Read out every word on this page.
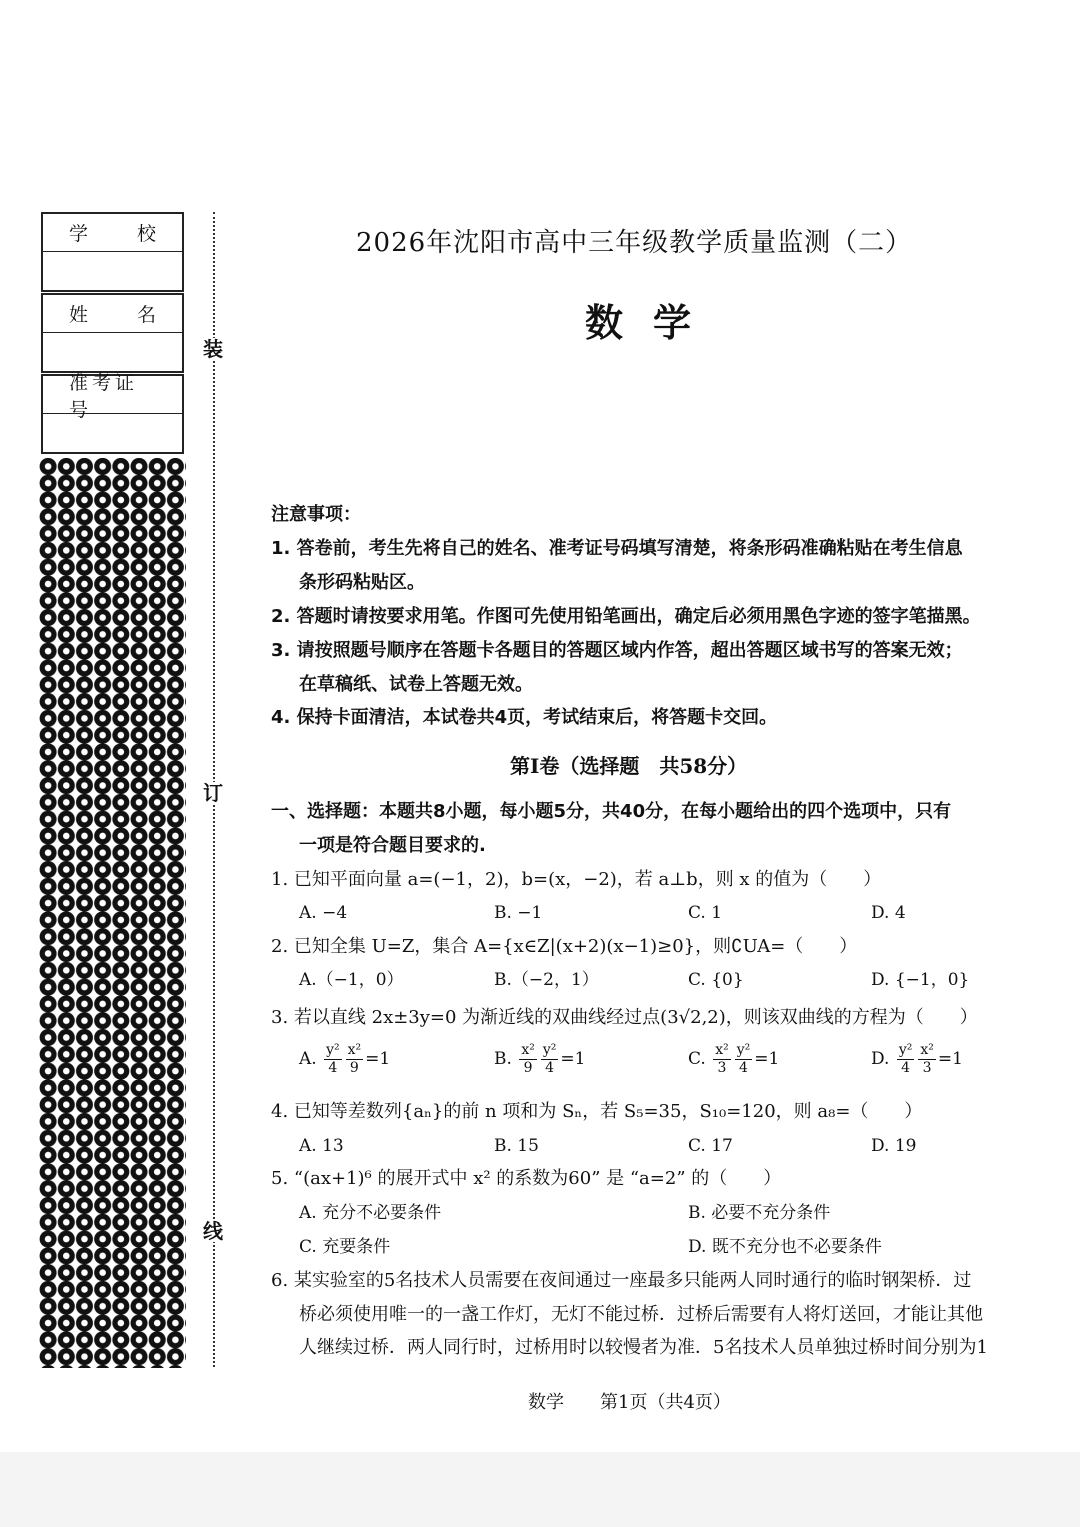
学	校
姓	名
准考证号
装
订
线
2026年沈阳市高中三年级教学质量监测（二）
数学
注意事项：
1. 答卷前，考生先将自己的姓名、准考证号码填写清楚，将条形码准确粘贴在考生信息
条形码粘贴区。
2. 答题时请按要求用笔。作图可先使用铅笔画出，确定后必须用黑色字迹的签字笔描黑。
3. 请按照题号顺序在答题卡各题目的答题区域内作答，超出答题区域书写的答案无效；
在草稿纸、试卷上答题无效。
4. 保持卡面清洁，本试卷共4页，考试结束后，将答题卡交回。
第Ⅰ卷（选择题　共58分）
一、选择题：本题共8小题，每小题5分，共40分，在每小题给出的四个选项中，只有
一项是符合题目要求的.
1. 已知平面向量 a=(−1，2)，b=(x，−2)，若 a⊥b，则 x 的值为（　　）
A. −4	B. −1	C. 1	D. 4
2. 已知全集 U=Z，集合 A={x∈Z|(x+2)(x−1)≥0}，则∁UA=（　　）
A.（−1，0）	B.（−2，1）	C. {0}	D. {−1，0}
3. 若以直线 2x±3y=0 为渐近线的双曲线经过点(3√2,2)，则该双曲线的方程为（　　）
A. $\frac{\text{y²}}{4} \frac{\text{x²}}{9} =1$	B. $\frac{\text{x²}}{9} \frac{\text{y²}}{4} =1$	C. $\frac{\text{x²}}{3} \frac{\text{y²}}{4} =1$	D. $\frac{\text{y²}}{4} \frac{\text{x²}}{3} =1$
4. 已知等差数列{aₙ}的前 n 项和为 Sₙ，若 S₅=35，S₁₀=120，则 a₈=（　　）
A. 13	B. 15	C. 17	D. 19
5. “(ax+1)⁶ 的展开式中 x² 的系数为60” 是 “a=2” 的（　　）
A. 充分不必要条件	B. 必要不充分条件
C. 充要条件	D. 既不充分也不必要条件
6. 某实验室的5名技术人员需要在夜间通过一座最多只能两人同时通行的临时钢架桥．过
桥必须使用唯一的一盏工作灯，无灯不能过桥．过桥后需要有人将灯送回，才能让其他
人继续过桥．两人同行时，过桥用时以较慢者为准．5名技术人员单独过桥时间分别为1
数学　　第1页（共4页）
